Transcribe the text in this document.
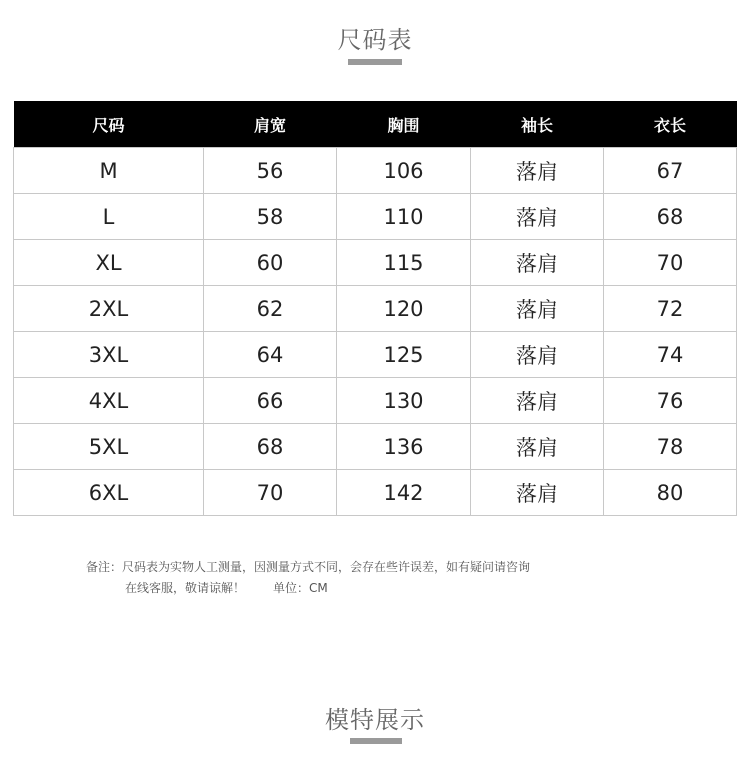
尺码表
尺码	肩宽	胸围	袖长	衣长
M	56	106	落肩	67
L	58	110	落肩	68
XL	60	115	落肩	70
2XL	62	120	落肩	72
3XL	64	125	落肩	74
4XL	66	130	落肩	76
5XL	68	136	落肩	78
6XL	70	142	落肩	80
备注：尺码表为实物人工测量，因测量方式不同，会存在些许误差，如有疑问请咨询
在线客服，敬请谅解！ 单位：CM
模特展示
